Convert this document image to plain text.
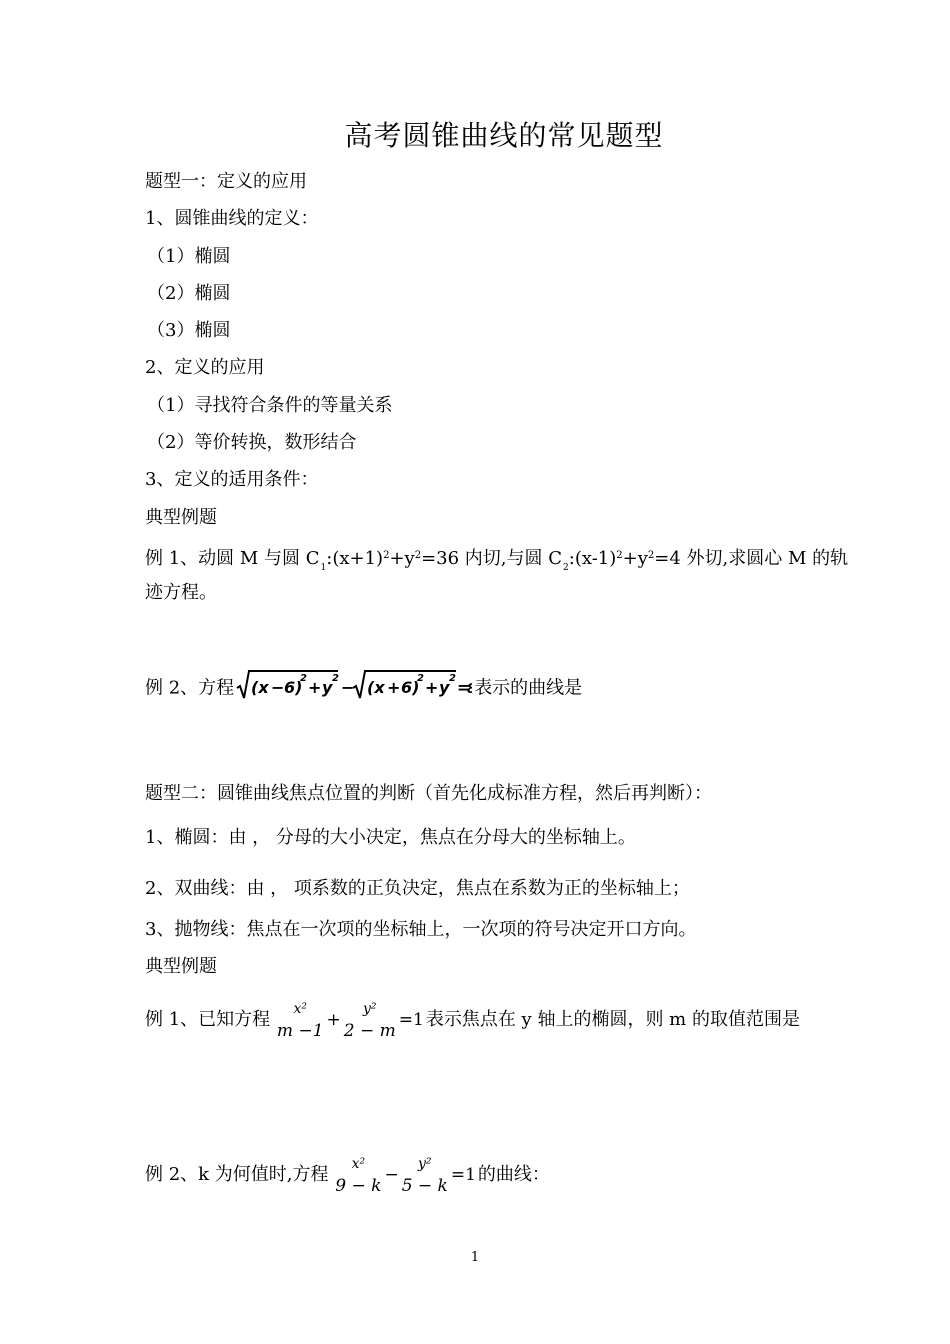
高考圆锥曲线的常见题型
题型一：定义的应用
1、圆锥曲线的定义：
（1）椭圆
（2）椭圆
（3）椭圆
2、定义的应用
（1）寻找符合条件的等量关系
（2）等价转换，数形结合
3、定义的适用条件：
典型例题
例 1、动圆 M 与圆 $C_1:(x+1)^2+y^2=36$ 内切,与圆 $C_2:(x-1)^2+y^2=4$ 外切,求圆心 M 的轨
迹方程。
例 2、方程 (x − 6)
2 + y 2 − (x + 6)
2 + y 2 = 表示的曲线是
题型二：圆锥曲线焦点位置的判断（首先化成标准方程，然后再判断）：
1、椭圆：由 ， 分母的大小决定，焦点在分母大的坐标轴上。
2、双曲线：由 ， 项系数的正负决定，焦点在系数为正的坐标轴上；
3、抛物线：焦点在一次项的坐标轴上，一次项的符号决定开口方向。
典型例题
例 1、已知方程	x²
m −1
+
y²
2 − m
=1 表示焦点在 y 轴上的椭圆，则 m 的取值范围是
例 2、k 为何值时,方程	x²
9 − k
−
y²
5 − k
=1 的曲线：
1
